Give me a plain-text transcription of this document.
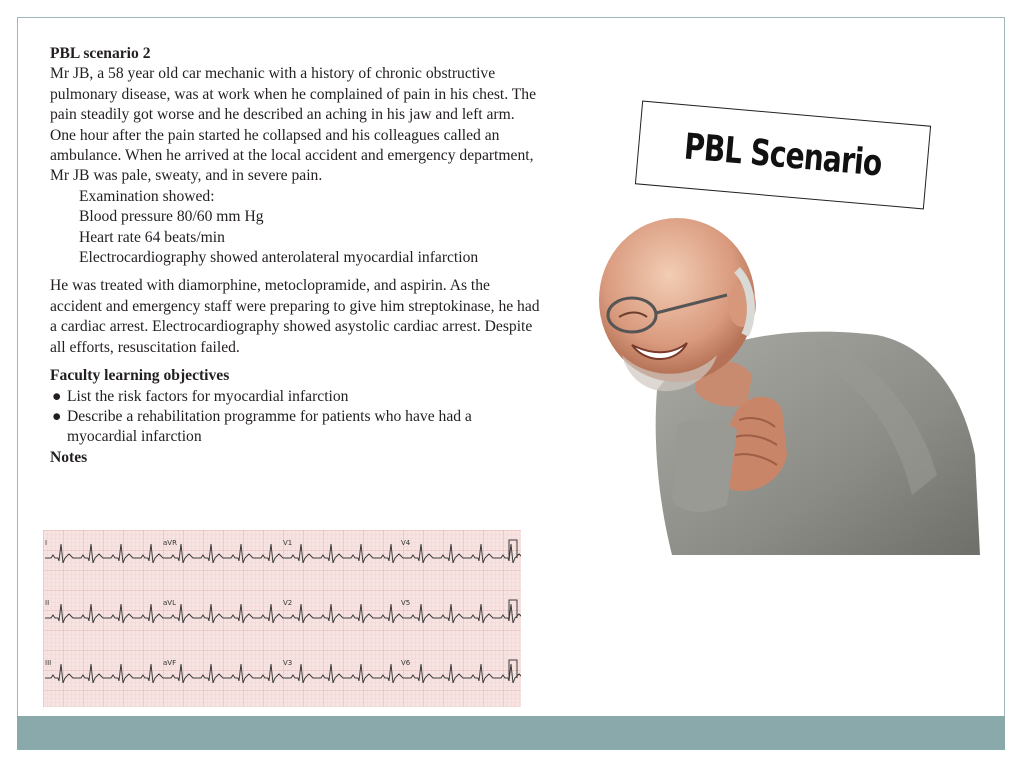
PBL scenario 2

Mr JB, a 58 year old car mechanic with a history of chronic obstructive pulmonary disease, was at work when he complained of pain in his chest. The pain steadily got worse and he described an aching in his jaw and left arm. One hour after the pain started he collapsed and his colleagues called an ambulance. When he arrived at the local accident and emergency department, Mr JB was pale, sweaty, and in severe pain.

Examination showed:

Blood pressure 80/60 mm Hg

Heart rate 64 beats/min

Electrocardiography showed anterolateral myocardial infarction

He was treated with diamorphine, metoclopramide, and aspirin. As the accident and emergency staff were preparing to give him streptokinase, he had a cardiac arrest. Electrocardiography showed asystolic cardiac arrest. Despite all efforts, resuscitation failed.

Faculty learning objectives

● List the risk factors for myocardial infarction
● Describe a rehabilitation programme for patients who have had a myocardial infarction

Notes

I	aVR	V1	V4
II	aVL	V2	V5
III	aVF	V3	V6
PBL Scenario
